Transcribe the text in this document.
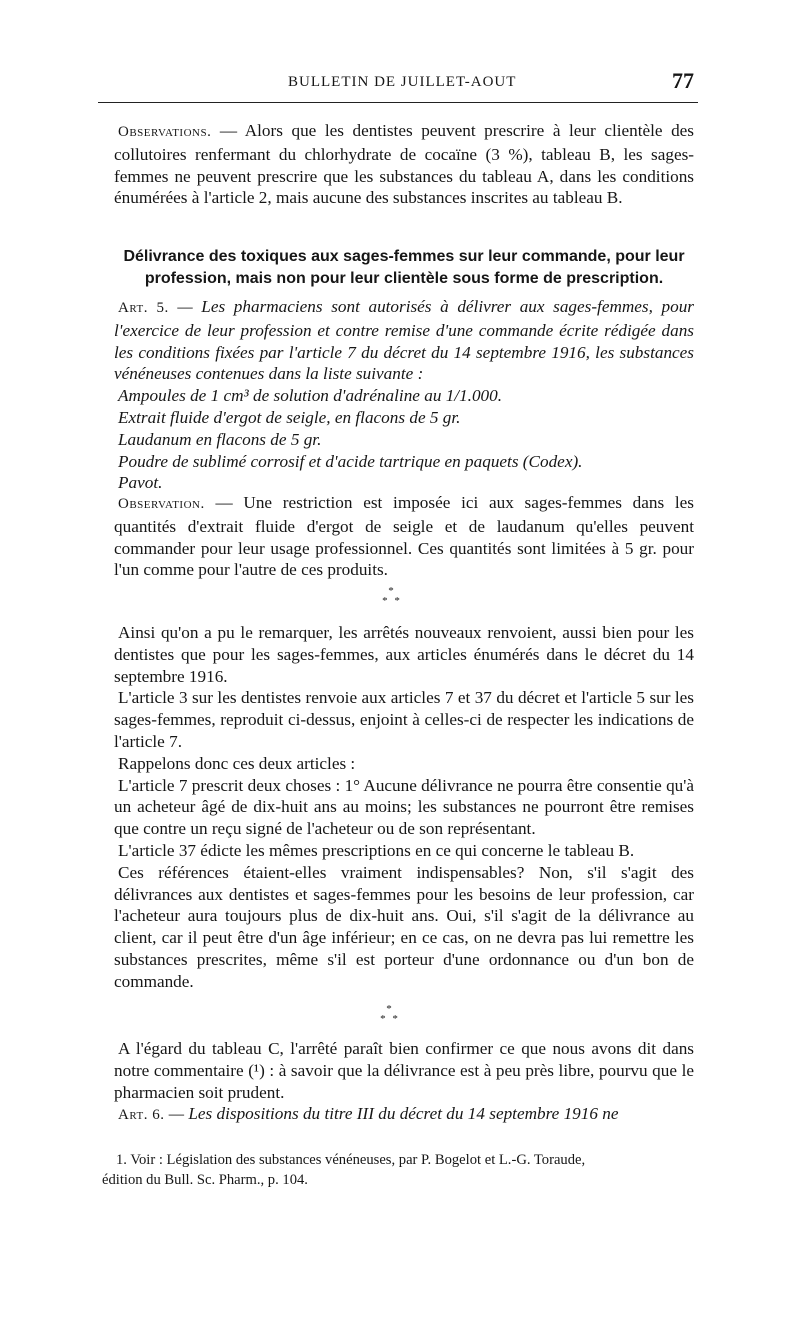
BULLETIN DE JUILLET-AOUT	77

Observations. — Alors que les dentistes peuvent prescrire à leur clientèle des collutoires renfermant du chlorhydrate de cocaïne (3 %), tableau B, les sages-femmes ne peuvent prescrire que les substances du tableau A, dans les conditions énumérées à l'article 2, mais aucune des substances inscrites au tableau B.

Délivrance des toxiques aux sages-femmes sur leur commande, pour leur profession, mais non pour leur clientèle sous forme de prescription.

Art. 5. — Les pharmaciens sont autorisés à délivrer aux sages-femmes, pour l'exercice de leur profession et contre remise d'une commande écrite rédigée dans les conditions fixées par l'article 7 du décret du 14 septembre 1916, les substances vénéneuses contenues dans la liste suivante :

Ampoules de 1 cm³ de solution d'adrénaline au 1/1.000.

Extrait fluide d'ergot de seigle, en flacons de 5 gr.

Laudanum en flacons de 5 gr.

Poudre de sublimé corrosif et d'acide tartrique en paquets (Codex).

Pavot.

Observation. — Une restriction est imposée ici aux sages-femmes dans les quantités d'extrait fluide d'ergot de seigle et de laudanum qu'elles peuvent commander pour leur usage professionnel. Ces quantités sont limitées à 5 gr. pour l'un comme pour l'autre de ces produits.

*
* *

Ainsi qu'on a pu le remarquer, les arrêtés nouveaux renvoient, aussi bien pour les dentistes que pour les sages-femmes, aux articles énumérés dans le décret du 14 septembre 1916.

L'article 3 sur les dentistes renvoie aux articles 7 et 37 du décret et l'article 5 sur les sages-femmes, reproduit ci-dessus, enjoint à celles-ci de respecter les indications de l'article 7.

Rappelons donc ces deux articles :

L'article 7 prescrit deux choses : 1° Aucune délivrance ne pourra être consentie qu'à un acheteur âgé de dix-huit ans au moins; les substances ne pourront être remises que contre un reçu signé de l'acheteur ou de son représentant.

L'article 37 édicte les mêmes prescriptions en ce qui concerne le tableau B.

Ces références étaient-elles vraiment indispensables? Non, s'il s'agit des délivrances aux dentistes et sages-femmes pour les besoins de leur profession, car l'acheteur aura toujours plus de dix-huit ans. Oui, s'il s'agit de la délivrance au client, car il peut être d'un âge inférieur; en ce cas, on ne devra pas lui remettre les substances prescrites, même s'il est porteur d'une ordonnance ou d'un bon de commande.

*
* *

A l'égard du tableau C, l'arrêté paraît bien confirmer ce que nous avons dit dans notre commentaire (¹) : à savoir que la délivrance est à peu près libre, pourvu que le pharmacien soit prudent.

Art. 6. — Les dispositions du titre III du décret du 14 septembre 1916 ne

1. Voir : Législation des substances vénéneuses, par P. Bogelot et L.-G. Toraude,

édition du Bull. Sc. Pharm., p. 104.
